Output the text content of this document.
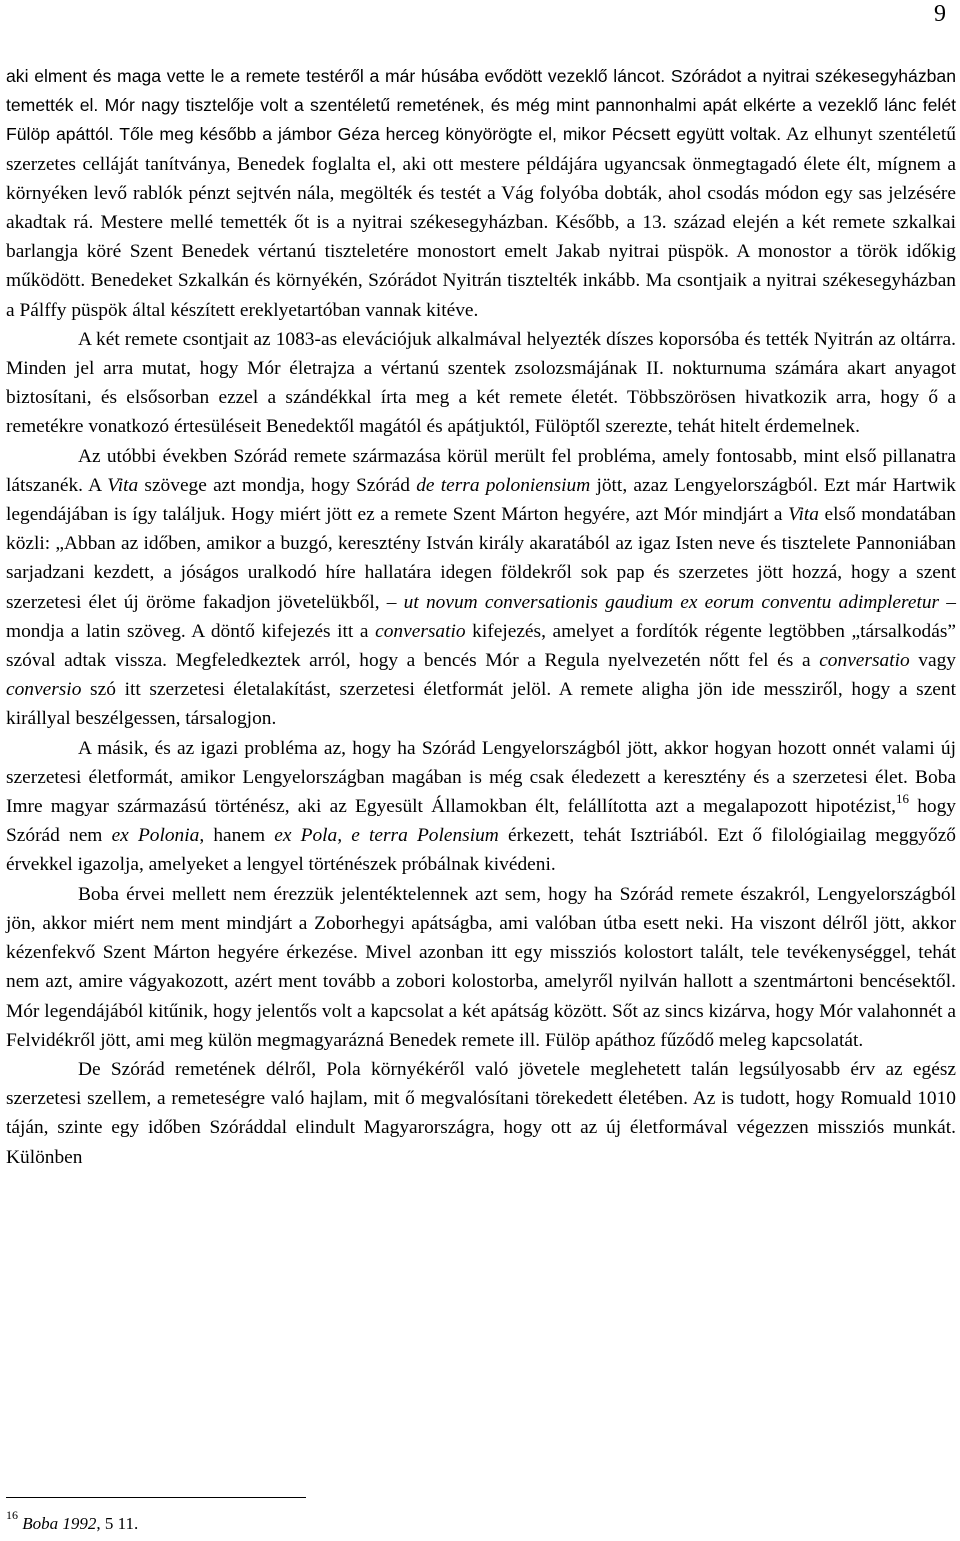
9

aki elment és maga vette le a remete testéről a már húsába evődött vezeklő láncot. Szórádot a nyitrai székesegyházban temették el. Mór nagy tisztelője volt a szentéletű remetének, és még mint pannonhalmi apát elkérte a vezeklő lánc felét Fülöp apáttól. Tőle meg később a jámbor Géza herceg könyörögte el, mikor Pécsett együtt voltak. Az elhunyt szentéletű szerzetes celláját tanítványa, Benedek foglalta el, aki ott mestere példájára ugyancsak önmegtagadó élete élt, mígnem a környéken levő rablók pénzt sejtvén nála, megölték és testét a Vág folyóba dobták, ahol csodás módon egy sas jelzésére akadtak rá. Mestere mellé temették őt is a nyitrai székesegyházban. Később, a 13. század elején a két remete szkalkai barlangja köré Szent Benedek vértanú tiszteletére monostort emelt Jakab nyitrai püspök. A monostor a török időkig működött. Benedeket Szkalkán és környékén, Szórádot Nyitrán tisztelték inkább. Ma csontjaik a nyitrai székesegyházban a Pálffy püspök által készített ereklyetartóban vannak kitéve.

A két remete csontjait az 1083-as elevációjuk alkalmával helyezték díszes koporsóba és tették Nyitrán az oltárra. Minden jel arra mutat, hogy Mór életrajza a vértanú szentek zsolozsmájának II. nokturnuma számára akart anyagot biztosítani, és elsősorban ezzel a szándékkal írta meg a két remete életét. Többszörösen hivatkozik arra, hogy ő a remetékre vonatkozó értesüléseit Benedektől magától és apátjuktól, Fülöptől szerezte, tehát hitelt érdemelnek.

Az utóbbi években Szórád remete származása körül merült fel probléma, amely fontosabb, mint első pillanatra látszanék. A Vita szövege azt mondja, hogy Szórád de terra poloniensium jött, azaz Lengyelországból. Ezt már Hartwik legendájában is így találjuk. Hogy miért jött ez a remete Szent Márton hegyére, azt Mór mindjárt a Vita első mondatában közli: „Abban az időben, amikor a buzgó, keresztény István király akaratából az igaz Isten neve és tisztelete Pannoniában sarjadzani kezdett, a jóságos uralkodó híre hallatára idegen földekről sok pap és szerzetes jött hozzá, hogy a szent szerzetesi élet új öröme fakadjon jövetelükből, – ut novum conversationis gaudium ex eorum conventu adimpleretur – mondja a latin szöveg. A döntő kifejezés itt a conversatio kifejezés, amelyet a fordítók régente legtöbben „társalkodás” szóval adtak vissza. Megfeledkeztek arról, hogy a bencés Mór a Regula nyelvezetén nőtt fel és a conversatio vagy conversio szó itt szerzetesi életalakítást, szerzetesi életformát jelöl. A remete aligha jön ide messziről, hogy a szent királlyal beszélgessen, társalogjon.

A másik, és az igazi probléma az, hogy ha Szórád Lengyelországból jött, akkor hogyan hozott onnét valami új szerzetesi életformát, amikor Lengyelországban magában is még csak éledezett a keresztény és a szerzetesi élet. Boba Imre magyar származású történész, aki az Egyesült Államokban élt, felállította azt a megalapozott hipotézist,$^{16}$ hogy Szórád nem ex Polonia, hanem ex Pola, e terra Polensium érkezett, tehát Isztriából. Ezt ő filológiailag meggyőző érvekkel igazolja, amelyeket a lengyel történészek próbálnak kivédeni.

Boba érvei mellett nem érezzük jelentéktelennek azt sem, hogy ha Szórád remete északról, Lengyelországból jön, akkor miért nem ment mindjárt a Zoborhegyi apátságba, ami valóban útba esett neki. Ha viszont délről jött, akkor kézenfekvő Szent Márton hegyére érkezése. Mivel azonban itt egy missziós kolostort talált, tele tevékenységgel, tehát nem azt, amire vágyakozott, azért ment tovább a zobori kolostorba, amelyről nyilván hallott a szentmártoni bencésektől. Mór legendájából kitűnik, hogy jelentős volt a kapcsolat a két apátság között. Sőt az sincs kizárva, hogy Mór valahonnét a Felvidékről jött, ami meg külön megmagyarázná Benedek remete ill. Fülöp apáthoz fűződő meleg kapcsolatát.

De Szórád remetének délről, Pola környékéről való jövetele meglehetett talán legsúlyosabb érv az egész szerzetesi szellem, a remeteségre való hajlam, mit ő megvalósítani törekedett életében. Az is tudott, hogy Romuald 1010 táján, szinte egy időben Szóráddal elindult Magyarországra, hogy ott az új életformával végezzen missziós munkát. Különben

$^{16}$ Boba 1992, 5 11.
